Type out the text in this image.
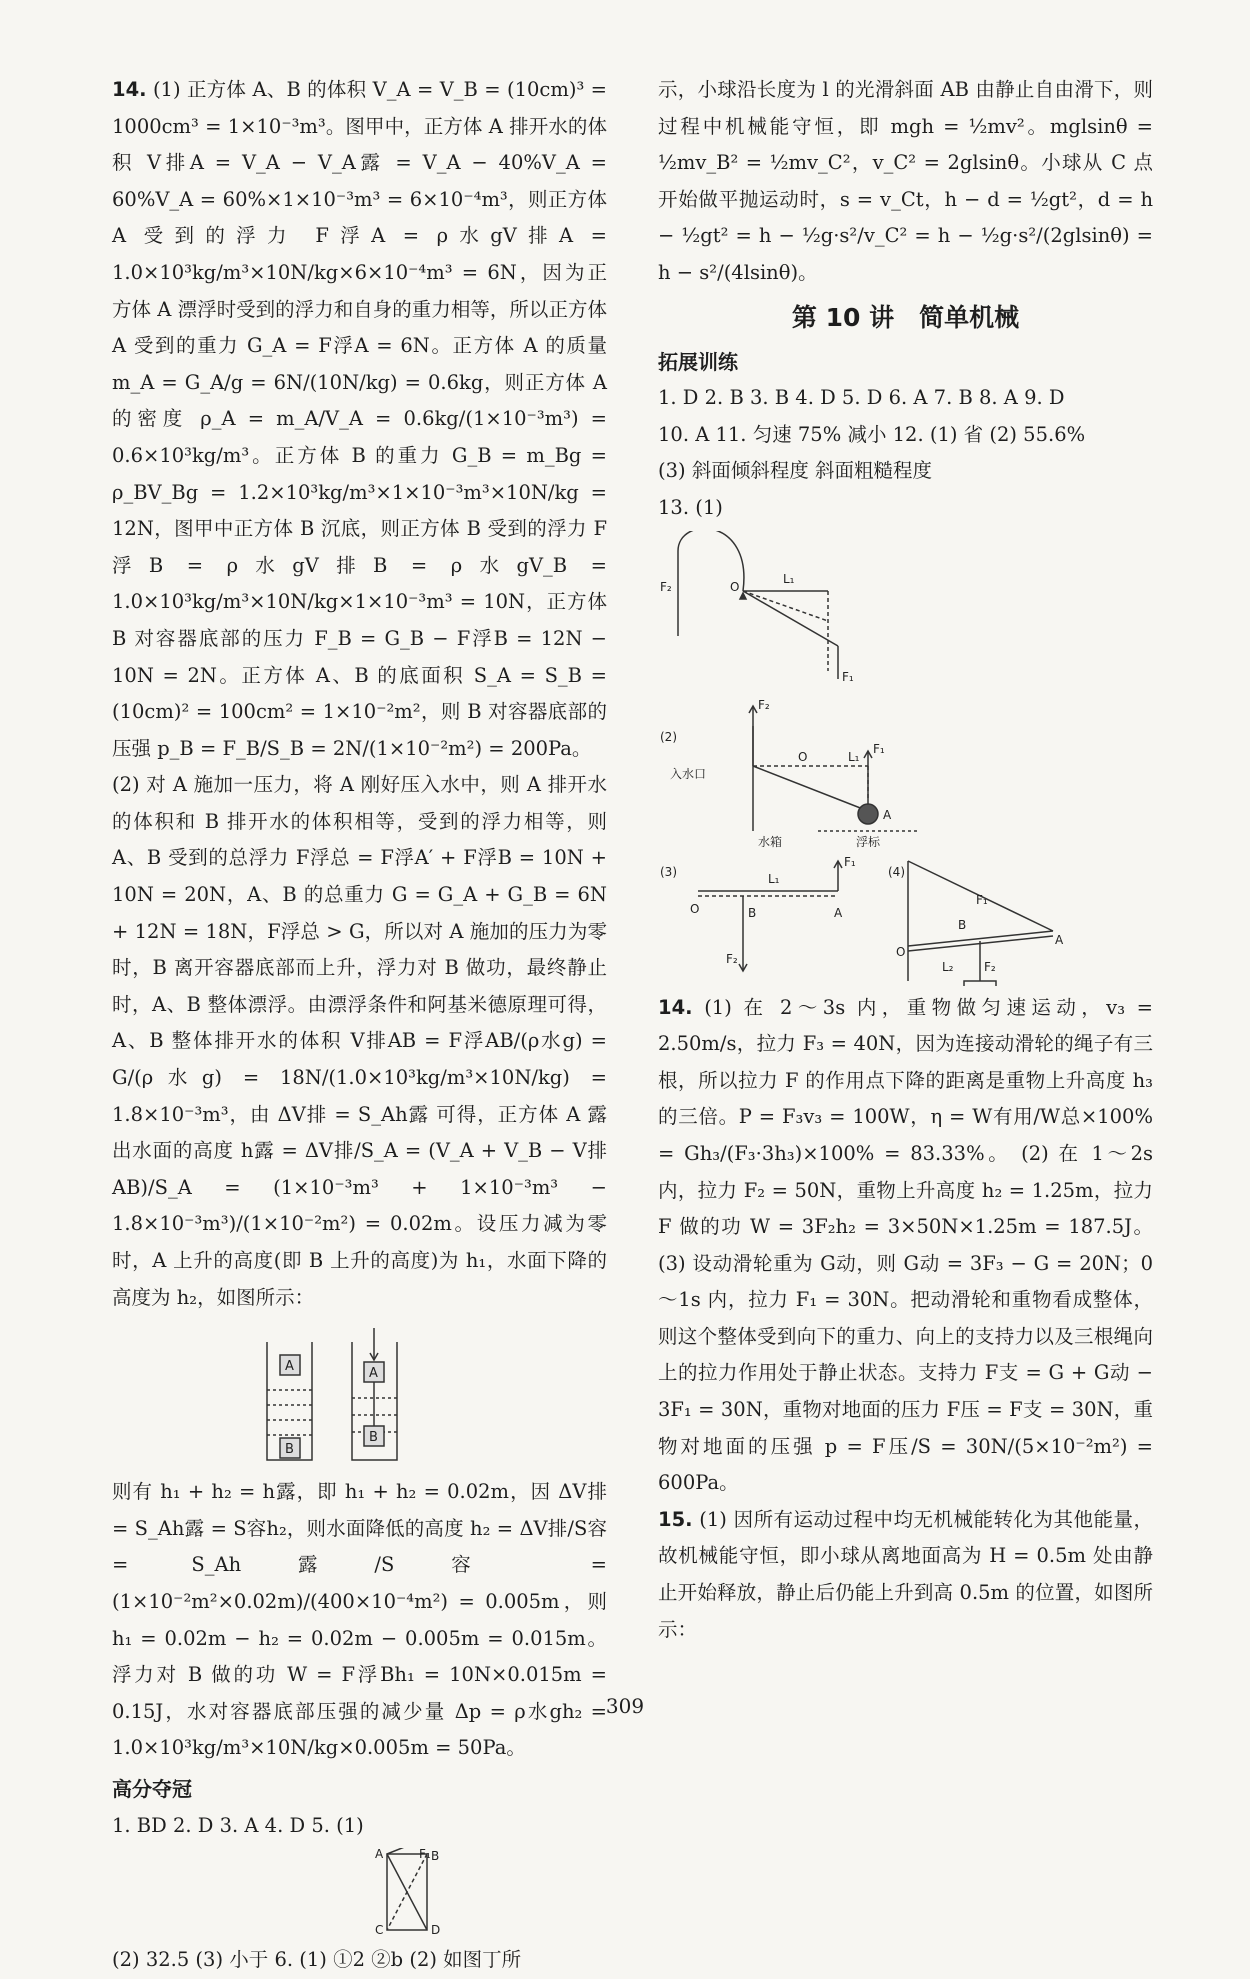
14. (1) 正方体 A、B 的体积 V_A = V_B = (10cm)³ = 1000cm³ = 1×10⁻³m³。图甲中，正方体 A 排开水的体积 V排A = V_A − V_A露 = V_A − 40%V_A = 60%V_A = 60%×1×10⁻³m³ = 6×10⁻⁴m³，则正方体 A 受到的浮力 F浮A = ρ水gV排A = 1.0×10³kg/m³×10N/kg×6×10⁻⁴m³ = 6N，因为正方体 A 漂浮时受到的浮力和自身的重力相等，所以正方体 A 受到的重力 G_A = F浮A = 6N。正方体 A 的质量 m_A = G_A/g = 6N/(10N/kg) = 0.6kg，则正方体 A 的密度 ρ_A = m_A/V_A = 0.6kg/(1×10⁻³m³) = 0.6×10³kg/m³。正方体 B 的重力 G_B = m_Bg = ρ_BV_Bg = 1.2×10³kg/m³×1×10⁻³m³×10N/kg = 12N，图甲中正方体 B 沉底，则正方体 B 受到的浮力 F浮B = ρ水gV排B = ρ水gV_B = 1.0×10³kg/m³×10N/kg×1×10⁻³m³ = 10N，正方体 B 对容器底部的压力 F_B = G_B − F浮B = 12N − 10N = 2N。正方体 A、B 的底面积 S_A = S_B = (10cm)² = 100cm² = 1×10⁻²m²，则 B 对容器底部的压强 p_B = F_B/S_B = 2N/(1×10⁻²m²) = 200Pa。

(2) 对 A 施加一压力，将 A 刚好压入水中，则 A 排开水的体积和 B 排开水的体积相等，受到的浮力相等，则 A、B 受到的总浮力 F浮总 = F浮A′ + F浮B = 10N + 10N = 20N，A、B 的总重力 G = G_A + G_B = 6N + 12N = 18N，F浮总 > G，所以对 A 施加的压力为零时，B 离开容器底部而上升，浮力对 B 做功，最终静止时，A、B 整体漂浮。由漂浮条件和阿基米德原理可得，A、B 整体排开水的体积 V排AB = F浮AB/(ρ水g) = G/(ρ水g) = 18N/(1.0×10³kg/m³×10N/kg) = 1.8×10⁻³m³，由 ΔV排 = S_Ah露 可得，正方体 A 露出水面的高度 h露 = ΔV排/S_A = (V_A + V_B − V排AB)/S_A = (1×10⁻³m³ + 1×10⁻³m³ − 1.8×10⁻³m³)/(1×10⁻²m²) = 0.02m。设压力减为零时，A 上升的高度(即 B 上升的高度)为 h₁，水面下降的高度为 h₂，如图所示：

A
B
A
B

则有 h₁ + h₂ = h露，即 h₁ + h₂ = 0.02m，因 ΔV排 = S_Ah露 = S容h₂，则水面降低的高度 h₂ = ΔV排/S容 = S_Ah露/S容 = (1×10⁻²m²×0.02m)/(400×10⁻⁴m²) = 0.005m，则 h₁ = 0.02m − h₂ = 0.02m − 0.005m = 0.015m。浮力对 B 做的功 W = F浮Bh₁ = 10N×0.015m = 0.15J，水对容器底部压强的减少量 Δp = ρ水gh₂ = 1.0×10³kg/m³×10N/kg×0.005m = 50Pa。

高分夺冠

1. BD 2. D 3. A 4. D 5. (1)

A	B
C	D
F₁

(2) 32.5 (3) 小于 6. (1) ①2 ②b (2) 如图丁所

示，小球沿长度为 l 的光滑斜面 AB 由静止自由滑下，则过程中机械能守恒，即 mgh = ½mv²。mglsinθ = ½mv_B² = ½mv_C²，v_C² = 2glsinθ。小球从 C 点开始做平抛运动时，s = v_Ct，h − d = ½gt²，d = h − ½gt² = h − ½g·s²/v_C² = h − ½g·s²/(2glsinθ) = h − s²/(4lsinθ)。

第 10 讲　简单机械

拓展训练

1. D 2. B 3. B 4. D 5. D 6. A 7. B 8. A 9. D

10. A 11. 匀速 75% 减小 12. (1) 省 (2) 55.6%

(3) 斜面倾斜程度 斜面粗糙程度

13. (1)

F₂	O
L₁
F₁
(2)
F₂
入水口
O	L₁
F₁
A
水箱	浮标
(3)
O
L₁
F₁
B	A
F₂
(4)
F₁
B
A
O
L₂	F₂

14. (1) 在 2～3s 内，重物做匀速运动，v₃ = 2.50m/s，拉力 F₃ = 40N，因为连接动滑轮的绳子有三根，所以拉力 F 的作用点下降的距离是重物上升高度 h₃ 的三倍。P = F₃v₃ = 100W，η = W有用/W总×100% = Gh₃/(F₃·3h₃)×100% = 83.33%。 (2) 在 1～2s 内，拉力 F₂ = 50N，重物上升高度 h₂ = 1.25m，拉力 F 做的功 W = 3F₂h₂ = 3×50N×1.25m = 187.5J。 (3) 设动滑轮重为 G动，则 G动 = 3F₃ − G = 20N；0～1s 内，拉力 F₁ = 30N。把动滑轮和重物看成整体，则这个整体受到向下的重力、向上的支持力以及三根绳向上的拉力作用处于静止状态。支持力 F支 = G + G动 − 3F₁ = 30N，重物对地面的压力 F压 = F支 = 30N，重物对地面的压强 p = F压/S = 30N/(5×10⁻²m²) = 600Pa。

15. (1) 因所有运动过程中均无机械能转化为其他能量，故机械能守恒，即小球从离地面高为 H = 0.5m 处由静止开始释放，静止后仍能上升到高 0.5m 的位置，如图所示：

309
